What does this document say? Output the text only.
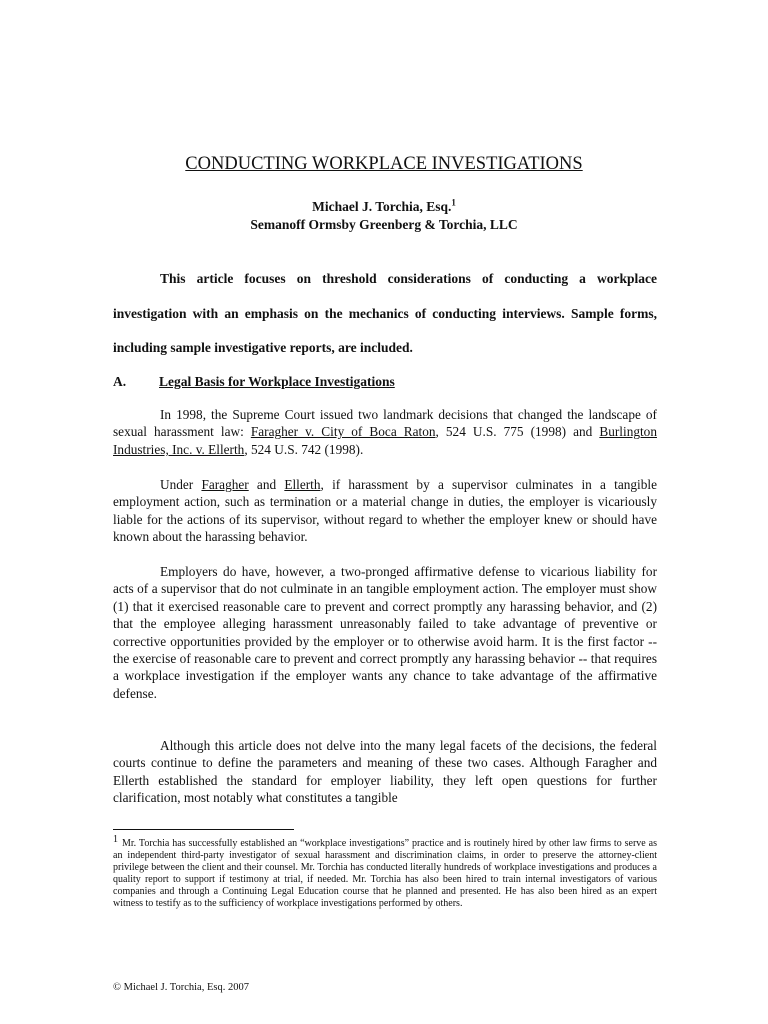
CONDUCTING WORKPLACE INVESTIGATIONS
Michael J. Torchia, Esq.$^1$
Semanoff Ormsby Greenberg & Torchia, LLC

This article focuses on threshold considerations of conducting a workplace investigation with an emphasis on the mechanics of conducting interviews. Sample forms, including sample investigative reports, are included.

A. Legal Basis for Workplace Investigations

In 1998, the Supreme Court issued two landmark decisions that changed the landscape of sexual harassment law: Faragher v. City of Boca Raton, 524 U.S. 775 (1998) and Burlington Industries, Inc. v. Ellerth, 524 U.S. 742 (1998).

Under Faragher and Ellerth, if harassment by a supervisor culminates in a tangible employment action, such as termination or a material change in duties, the employer is vicariously liable for the actions of its supervisor, without regard to whether the employer knew or should have known about the harassing behavior.

Employers do have, however, a two-pronged affirmative defense to vicarious liability for acts of a supervisor that do not culminate in an tangible employment action. The employer must show (1) that it exercised reasonable care to prevent and correct promptly any harassing behavior, and (2) that the employee alleging harassment unreasonably failed to take advantage of preventive or corrective opportunities provided by the employer or to otherwise avoid harm. It is the first factor -- the exercise of reasonable care to prevent and correct promptly any harassing behavior -- that requires a workplace investigation if the employer wants any chance to take advantage of the affirmative defense.

Although this article does not delve into the many legal facets of the decisions, the federal courts continue to define the parameters and meaning of these two cases. Although Faragher and Ellerth established the standard for employer liability, they left open questions for further clarification, most notably what constitutes a tangible

1 Mr. Torchia has successfully established an “workplace investigations” practice and is routinely hired by other law firms to serve as an independent third-party investigator of sexual harassment and discrimination claims, in order to preserve the attorney-client privilege between the client and their counsel. Mr. Torchia has conducted literally hundreds of workplace investigations and produces a quality report to support if testimony at trial, if needed. Mr. Torchia has also been hired to train internal investigators of various companies and through a Continuing Legal Education course that he planned and presented. He has also been hired as an expert witness to testify as to the sufficiency of workplace investigations performed by others.

© Michael J. Torchia, Esq. 2007
